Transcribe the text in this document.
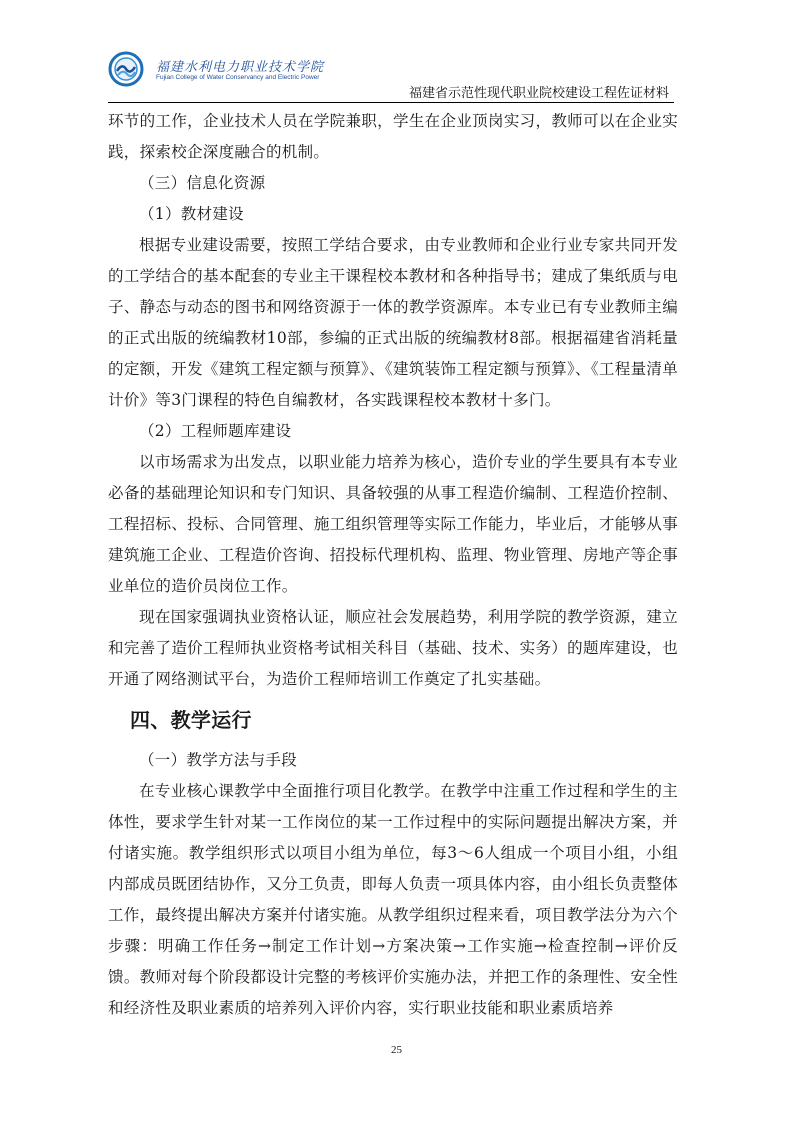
福建水利电力职业技术学院
Fujian College of Water Conservancy and Electric Power
福建省示范性现代职业院校建设工程佐证材料

环节的工作，企业技术人员在学院兼职，学生在企业顶岗实习，教师可以在企业实践，探索校企深度融合的机制。

（三）信息化资源

（1）教材建设

根据专业建设需要，按照工学结合要求，由专业教师和企业行业专家共同开发的工学结合的基本配套的专业主干课程校本教材和各种指导书；建成了集纸质与电子、静态与动态的图书和网络资源于一体的教学资源库。本专业已有专业教师主编的正式出版的统编教材10部，参编的正式出版的统编教材8部。根据福建省消耗量的定额，开发《建筑工程定额与预算》、《建筑装饰工程定额与预算》、《工程量清单计价》等3门课程的特色自编教材，各实践课程校本教材十多门。

（2）工程师题库建设

以市场需求为出发点，以职业能力培养为核心，造价专业的学生要具有本专业必备的基础理论知识和专门知识、具备较强的从事工程造价编制、工程造价控制、工程招标、投标、合同管理、施工组织管理等实际工作能力，毕业后，才能够从事建筑施工企业、工程造价咨询、招投标代理机构、监理、物业管理、房地产等企事业单位的造价员岗位工作。

现在国家强调执业资格认证，顺应社会发展趋势，利用学院的教学资源，建立和完善了造价工程师执业资格考试相关科目（基础、技术、实务）的题库建设，也开通了网络测试平台，为造价工程师培训工作奠定了扎实基础。

四、教学运行

（一）教学方法与手段

在专业核心课教学中全面推行项目化教学。在教学中注重工作过程和学生的主体性，要求学生针对某一工作岗位的某一工作过程中的实际问题提出解决方案，并付诸实施。教学组织形式以项目小组为单位，每3～6人组成一个项目小组，小组内部成员既团结协作，又分工负责，即每人负责一项具体内容，由小组长负责整体工作，最终提出解决方案并付诸实施。从教学组织过程来看，项目教学法分为六个步骤：明确工作任务→制定工作计划→方案决策→工作实施→检查控制→评价反馈。教师对每个阶段都设计完整的考核评价实施办法，并把工作的条理性、安全性和经济性及职业素质的培养列入评价内容，实行职业技能和职业素质培养

25
